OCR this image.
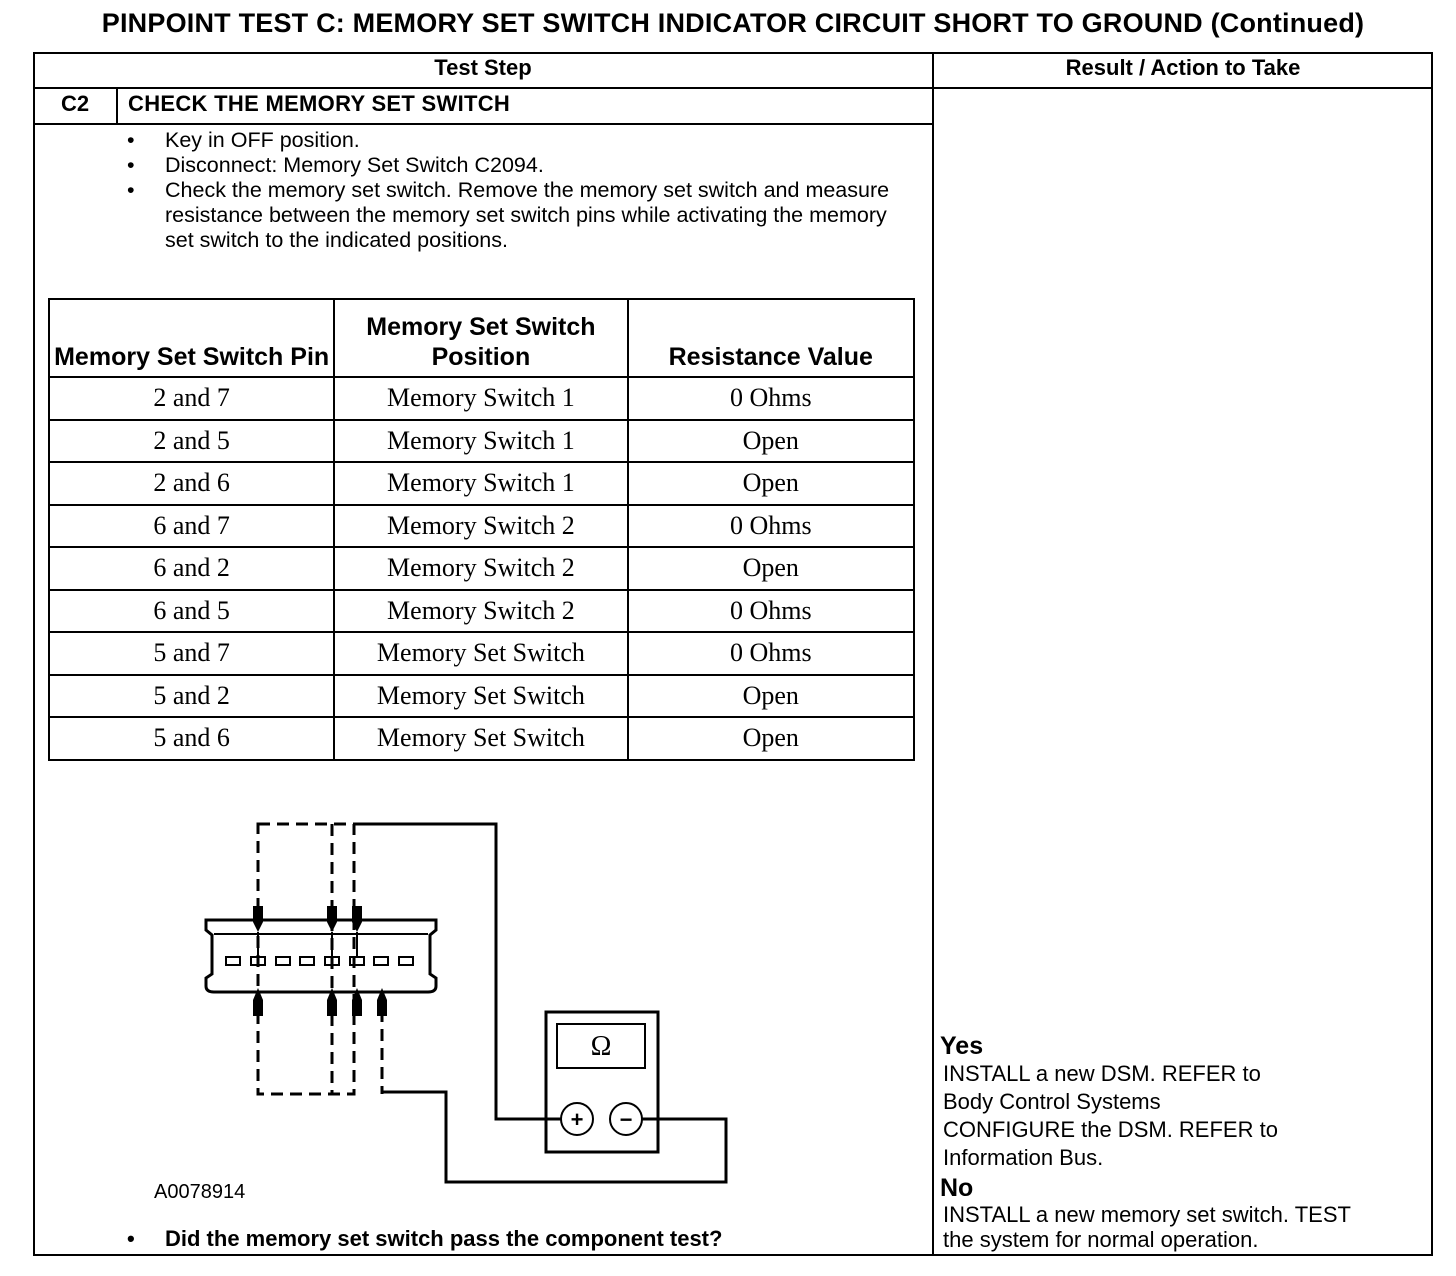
PINPOINT TEST C: MEMORY SET SWITCH INDICATOR CIRCUIT SHORT TO GROUND (Continued)
Test Step	Result / Action to Take
C2	CHECK THE MEMORY SET SWITCH
•	Key in OFF position.
•	Disconnect: Memory Set Switch C2094.
•	Check the memory set switch. Remove the memory set switch and measure resistance between the memory set switch pins while activating the memory set switch to the indicated positions.
Memory Set Switch Pin	Memory Set Switch Position	Resistance Value
2 and 7	Memory Switch 1	0 Ohms
2 and 5	Memory Switch 1	Open
2 and 6	Memory Switch 1	Open
6 and 7	Memory Switch 2	0 Ohms
6 and 2	Memory Switch 2	Open
6 and 5	Memory Switch 2	0 Ohms
5 and 7	Memory Set Switch	0 Ohms
5 and 2	Memory Set Switch	Open
5 and 6	Memory Set Switch	Open
Ω
+ −
A0078914
•	Did the memory set switch pass the component test?
Yes
INSTALL a new DSM. REFER to
Body Control Systems
CONFIGURE the DSM. REFER to
Information Bus.
No
INSTALL a new memory set switch. TEST
the system for normal operation.
